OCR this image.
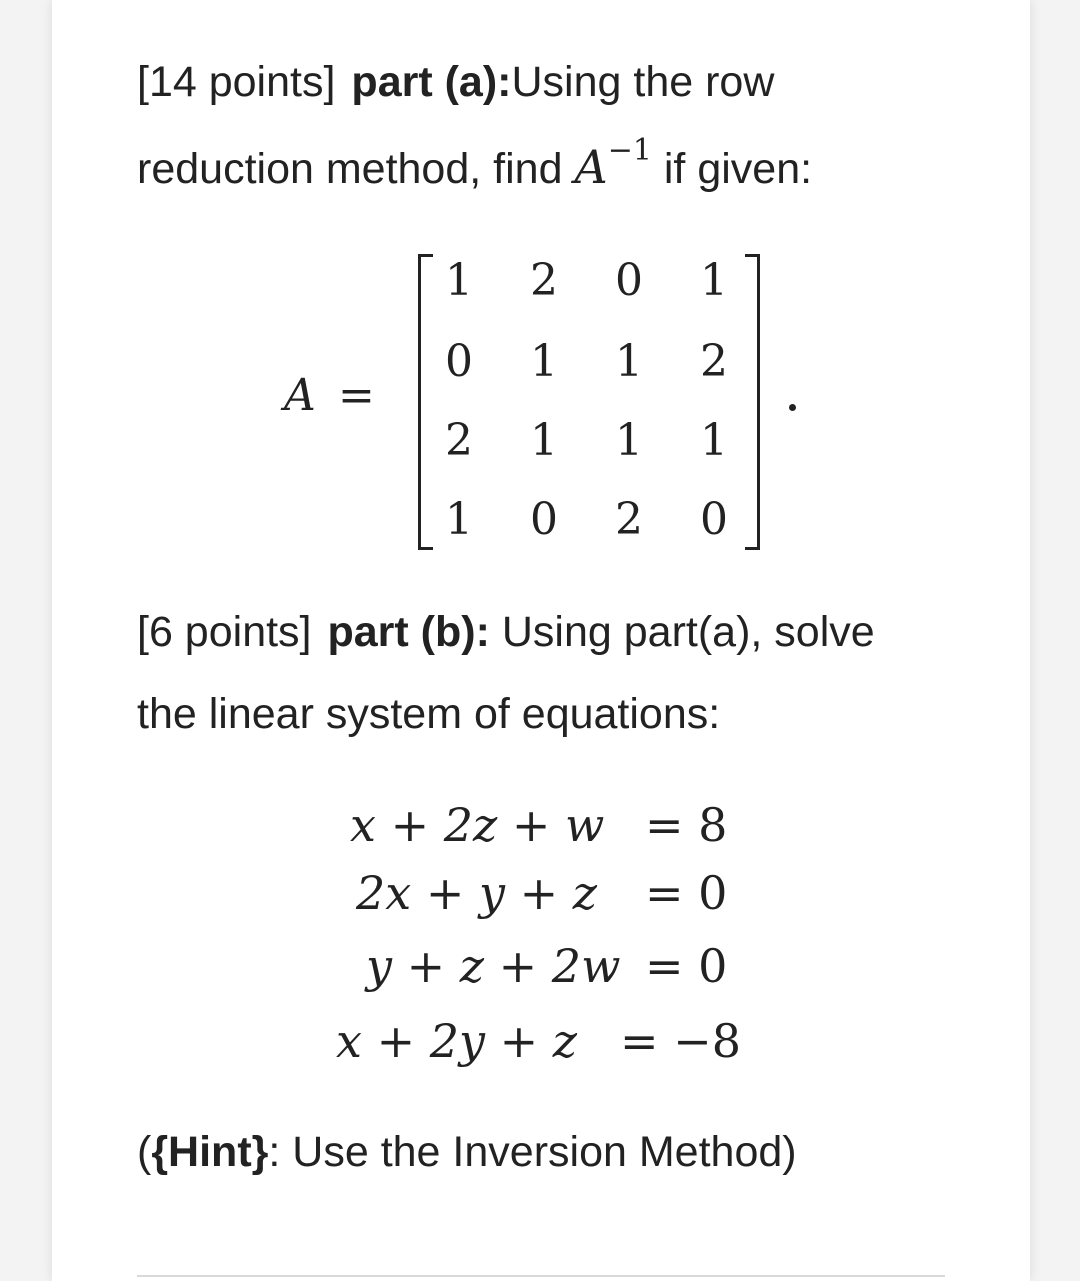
[14 points] part (a):Using the row
reduction method, find $A^{-1}$ if given:
A =
1	2	0	1
0	1	1	2
2	1	1	1
1	0	2	0
[6 points] part (b): Using part(a), solve
the linear system of equations:
x + 2z + w = 8
2x + y + z = 0
y + z + 2w = 0
x + 2y + z = −8
({Hint}: Use the Inversion Method)
